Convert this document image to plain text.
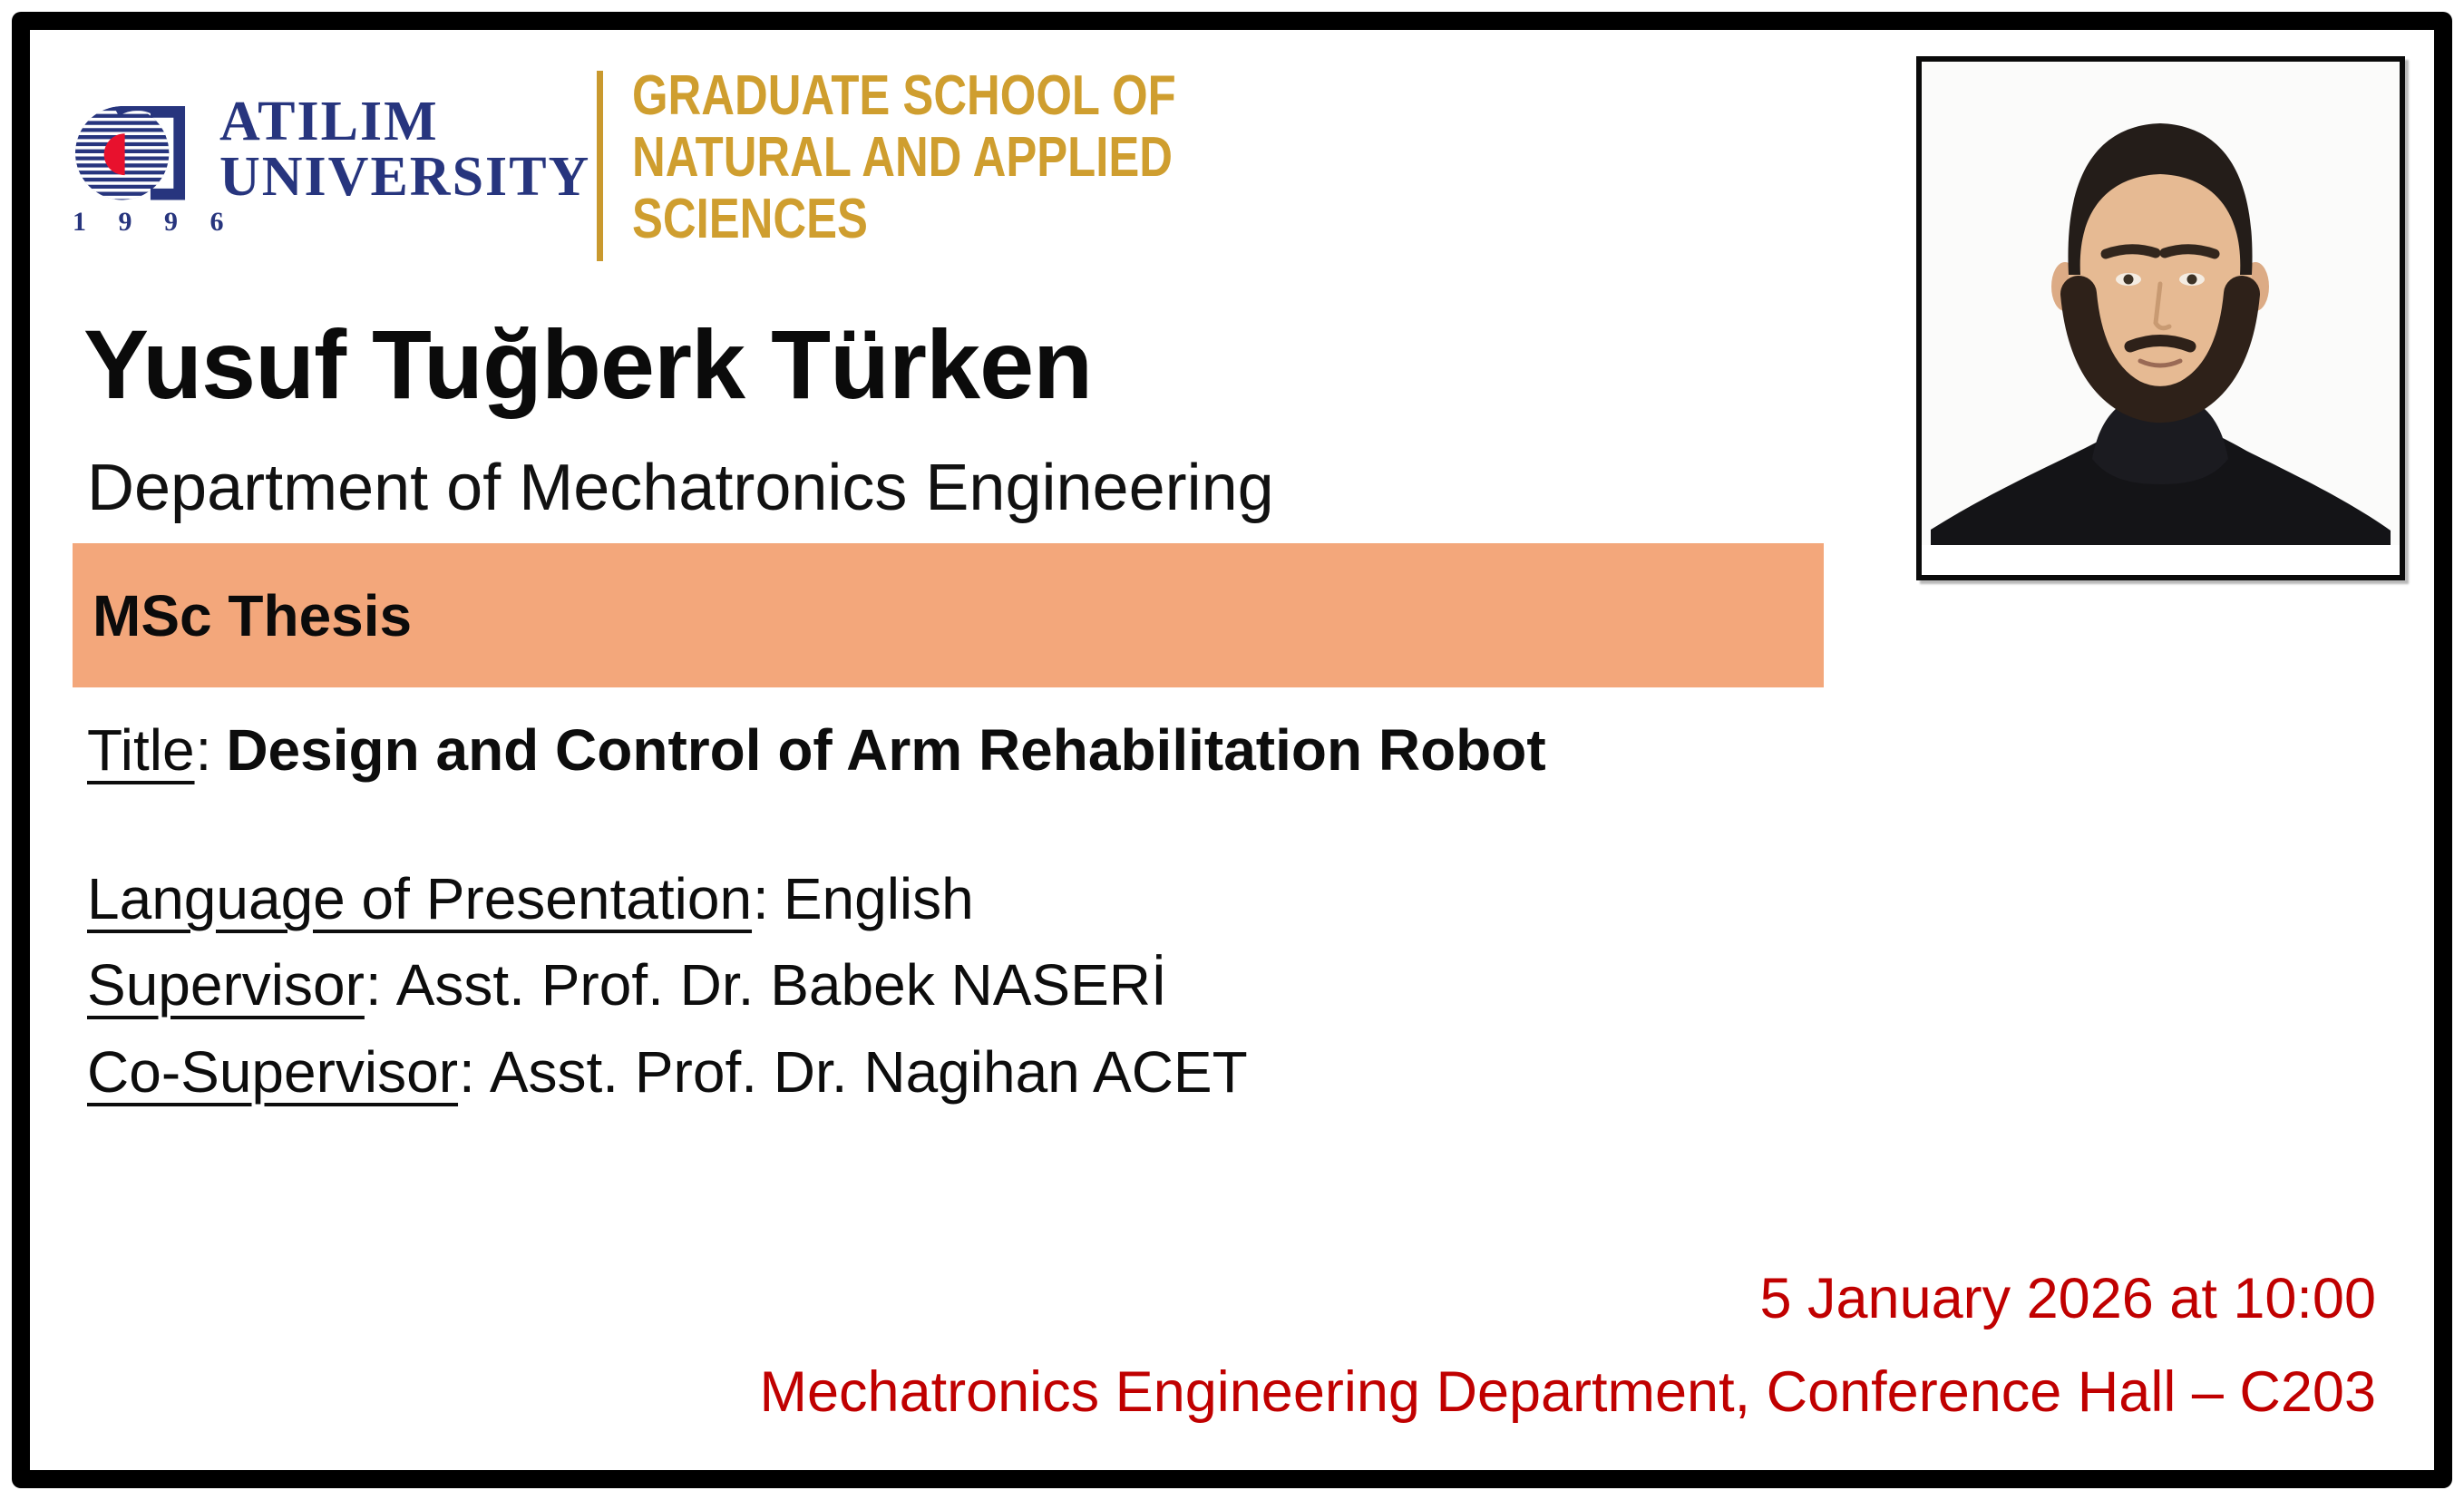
1 9 9 6
ATILIM
UNIVERSITY
GRADUATE SCHOOL OF
NATURAL AND APPLIED
SCIENCES
Yusuf Tuğberk Türken
Department of Mechatronics Engineering
MSc Thesis
Title: Design and Control of Arm Rehabilitation Robot
Language of Presentation: English
Supervisor: Asst. Prof. Dr. Babek NASERİ
Co-Supervisor: Asst. Prof. Dr. Nagihan ACET
5 January 2026 at 10:00
Mechatronics Engineering Department, Conference Hall – C203
